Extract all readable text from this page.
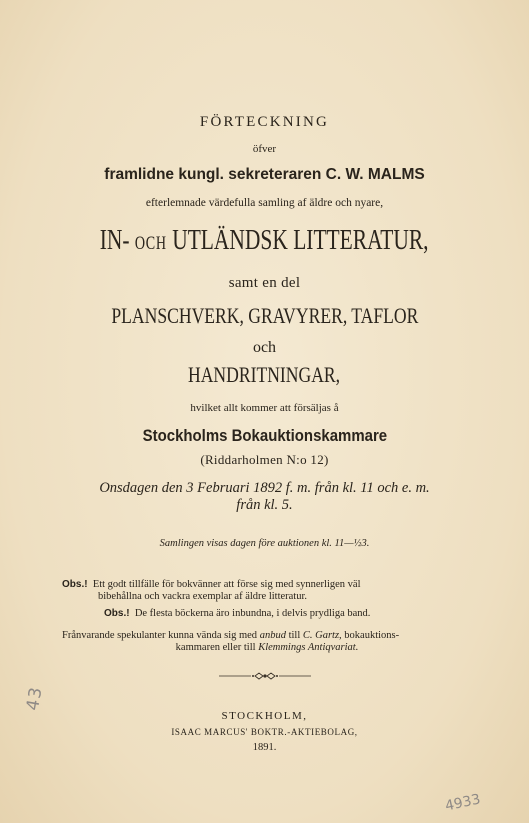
FÖRTECKNING
öfver
framlidne kungl. sekreteraren C. W. MALMS
efterlemnade värdefulla samling af äldre och nyare,
IN- OCH UTLÄNDSK LITTERATUR,
samt en del
PLANSCHVERK, GRAVYRER, TAFLOR
och
HANDRITNINGAR,
hvilket allt kommer att försäljas å
Stockholms Bokauktionskammare
(Riddarholmen N:o 12)
Onsdagen den 3 Februari 1892 f. m. från kl. 11 och e. m.
från kl. 5.
Samlingen visas dagen före auktionen kl. 11—½3.
Obs.! Ett godt tillfälle för bokvänner att förse sig med synnerligen väl
bibehållna och vackra exemplar af äldre litteratur.
Obs.! De flesta böckerna äro inbundna, i delvis prydliga band.
Frånvarande spekulanter kunna vända sig med anbud till C. Gartz, bokauktions-
kammaren eller till Klemmings Antiqvariat.
STOCKHOLM,
ISAAC MARCUS' BOKTR.-AKTIEBOLAG,
1891.
4 3
4933
